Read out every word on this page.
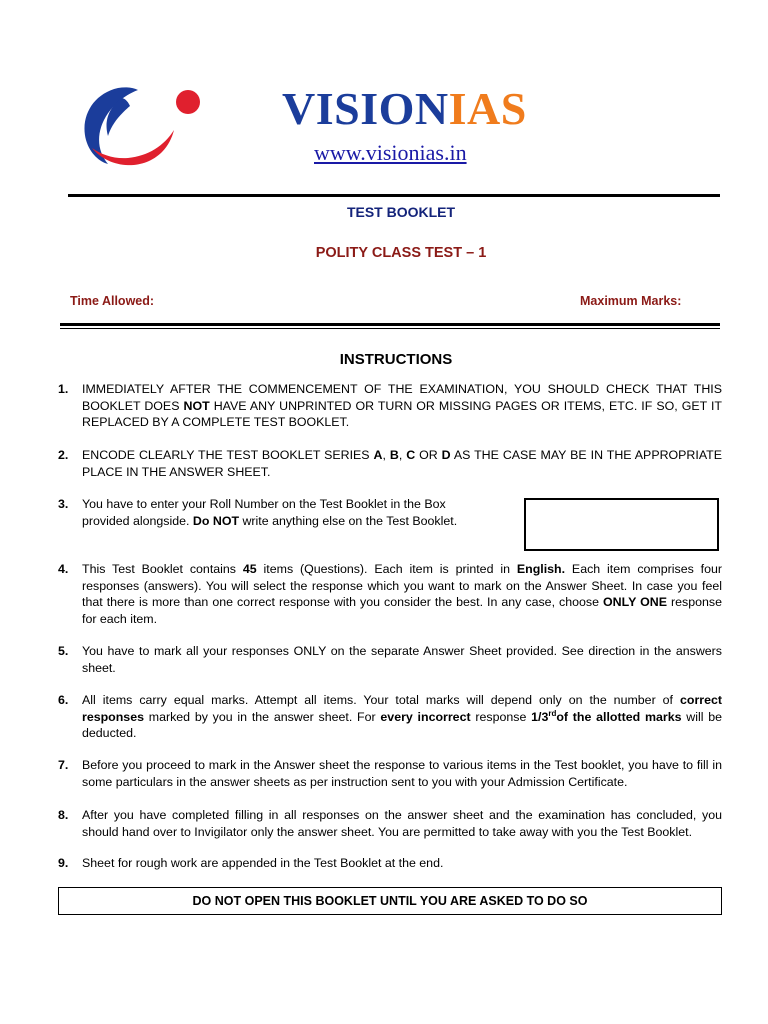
VISIONIAS
www.visionias.in
TEST BOOKLET
POLITY CLASS TEST – 1
Time Allowed:	Maximum Marks:
INSTRUCTIONS
1. IMMEDIATELY AFTER THE COMMENCEMENT OF THE EXAMINATION, YOU SHOULD CHECK THAT THIS BOOKLET DOES NOT HAVE ANY UNPRINTED OR TURN OR MISSING PAGES OR ITEMS, ETC. IF SO, GET IT REPLACED BY A COMPLETE TEST BOOKLET.
2. ENCODE CLEARLY THE TEST BOOKLET SERIES A, B, C OR D AS THE CASE MAY BE IN THE APPROPRIATE PLACE IN THE ANSWER SHEET.
3. You have to enter your Roll Number on the Test Booklet in the Box provided alongside. Do NOT write anything else on the Test Booklet.
4. This Test Booklet contains 45 items (Questions). Each item is printed in English. Each item comprises four responses (answers). You will select the response which you want to mark on the Answer Sheet. In case you feel that there is more than one correct response with you consider the best. In any case, choose ONLY ONE response for each item.
5. You have to mark all your responses ONLY on the separate Answer Sheet provided. See direction in the answers sheet.
6. All items carry equal marks. Attempt all items. Your total marks will depend only on the number of correct responses marked by you in the answer sheet. For every incorrect response 1/3rdof the allotted marks will be deducted.
7. Before you proceed to mark in the Answer sheet the response to various items in the Test booklet, you have to fill in some particulars in the answer sheets as per instruction sent to you with your Admission Certificate.
8. After you have completed filling in all responses on the answer sheet and the examination has concluded, you should hand over to Invigilator only the answer sheet. You are permitted to take away with you the Test Booklet.
9. Sheet for rough work are appended in the Test Booklet at the end.
DO NOT OPEN THIS BOOKLET UNTIL YOU ARE ASKED TO DO SO
